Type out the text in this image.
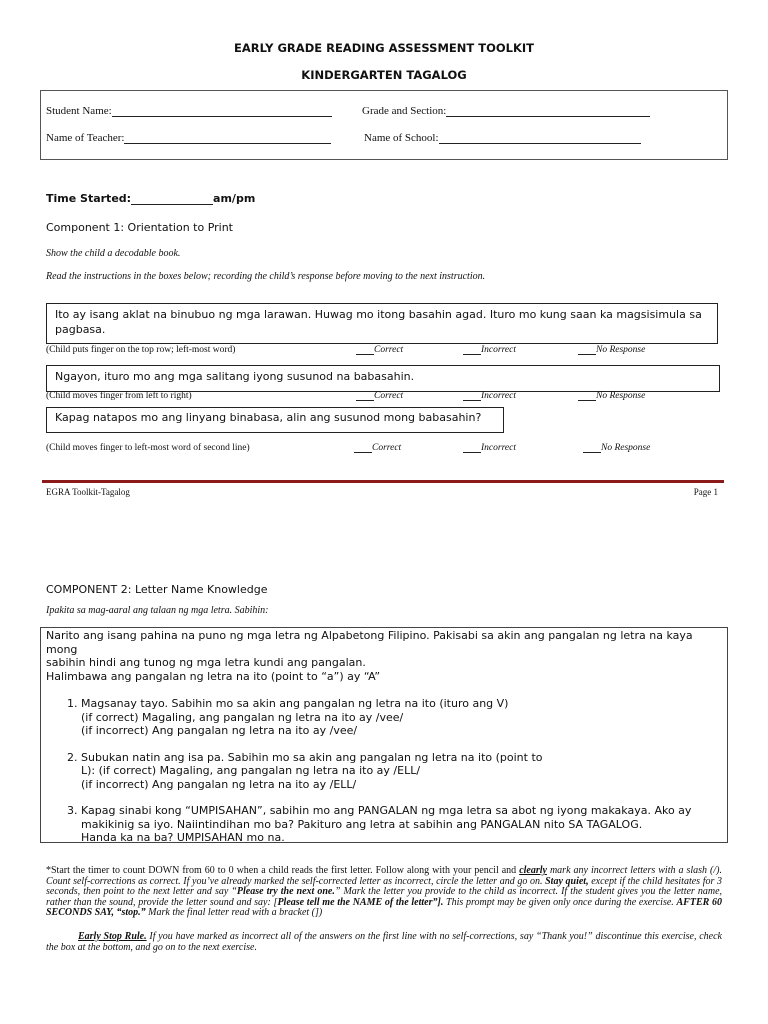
EARLY GRADE READING ASSESSMENT TOOLKIT
KINDERGARTEN TAGALOG
Student Name:	Grade and Section:
Name of Teacher:	Name of School:
Time Started:	am/pm
Component 1: Orientation to Print
Show the child a decodable book.
Read the instructions in the boxes below; recording the child’s response before moving to the next instruction.
Ito ay isang aklat na binubuo ng mga larawan. Huwag mo itong basahin agad. Ituro mo kung saan ka magsisimula sa pagbasa.
(Child puts finger on the top row; left-most word)	Correct	Incorrect	No Response
Ngayon, ituro mo ang mga salitang iyong susunod na babasahin.
(Child moves finger from left to right)	Correct	Incorrect	No Response
Kapag natapos mo ang linyang binabasa, alin ang susunod mong babasahin?
(Child moves finger to left-most word of second line)	Correct	Incorrect	No Response
EGRA Toolkit-Tagalog	Page 1
COMPONENT 2: Letter Name Knowledge
Ipakita sa mag-aaral ang talaan ng mga letra. Sabihin:
Narito ang isang pahina na puno ng mga letra ng Alpabetong Filipino. Pakisabi sa akin ang pangalan ng letra na kaya mong
sabihin hindi ang tunog ng mga letra kundi ang pangalan.
Halimbawa ang pangalan ng letra na ito (point to “a”) ay “A”
1. Magsanay tayo. Sabihin mo sa akin ang pangalan ng letra na ito (ituro ang V)
(if correct) Magaling, ang pangalan ng letra na ito ay /vee/
(if incorrect) Ang pangalan ng letra na ito ay /vee/
2. Subukan natin ang isa pa. Sabihin mo sa akin ang pangalan ng letra na ito (point to
L): (if correct) Magaling, ang pangalan ng letra na ito ay /ELL/
(if incorrect) Ang pangalan ng letra na ito ay /ELL/
3. Kapag sinabi kong “UMPISAHAN”, sabihin mo ang PANGALAN ng mga letra sa abot ng iyong makakaya. Ako ay
makikinig sa iyo. Naiintindihan mo ba? Pakituro ang letra at sabihin ang PANGALAN nito SA TAGALOG.
Handa ka na ba? UMPISAHAN mo na.
*Start the timer to count DOWN from 60 to 0 when a child reads the first letter. Follow along with your pencil and clearly mark any incorrect letters with a slash (/). Count self-corrections as correct. If you’ve already marked the self-corrected letter as incorrect, circle the letter and go on. Stay quiet, except if the child hesitates for 3 seconds, then point to the next letter and say “Please try the next one.” Mark the letter you provide to the child as incorrect. If the student gives you the letter name, rather than the sound, provide the letter sound and say: [Please tell me the NAME of the letter”]. This prompt may be given only once during the exercise. AFTER 60 SECONDS SAY, “stop.” Mark the final letter read with a bracket (])
Early Stop Rule. If you have marked as incorrect all of the answers on the first line with no self-corrections, say “Thank you!” discontinue this exercise, check the box at the bottom, and go on to the next exercise.
